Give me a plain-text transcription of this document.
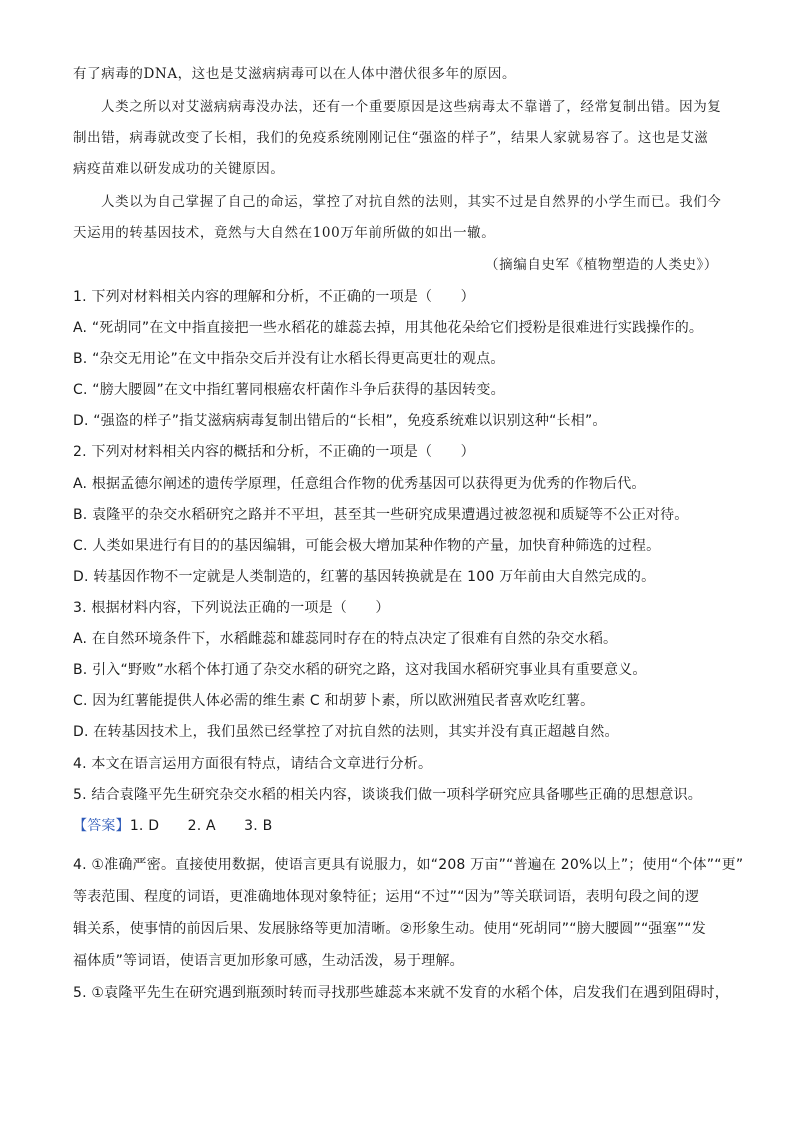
有了病毒的DNA，这也是艾滋病病毒可以在人体中潜伏很多年的原因。
人类之所以对艾滋病病毒没办法，还有一个重要原因是这些病毒太不靠谱了，经常复制出错。因为复
制出错，病毒就改变了长相，我们的免疫系统刚刚记住“强盗的样子”，结果人家就易容了。这也是艾滋
病疫苗难以研发成功的关键原因。
人类以为自己掌握了自己的命运，掌控了对抗自然的法则，其实不过是自然界的小学生而已。我们今
天运用的转基因技术，竟然与大自然在100万年前所做的如出一辙。
（摘编自史军《植物塑造的人类史》）
1. 下列对材料相关内容的理解和分析，不正确的一项是（　　）
A. “死胡同”在文中指直接把一些水稻花的雄蕊去掉，用其他花朵给它们授粉是很难进行实践操作的。
B. “杂交无用论”在文中指杂交后并没有让水稻长得更高更壮的观点。
C. “膀大腰圆”在文中指红薯同根癌农杆菌作斗争后获得的基因转变。
D. “强盗的样子”指艾滋病病毒复制出错后的“长相”，免疫系统难以识别这种“长相”。
2. 下列对材料相关内容的概括和分析，不正确的一项是（　　）
A. 根据孟德尔阐述的遗传学原理，任意组合作物的优秀基因可以获得更为优秀的作物后代。
B. 袁隆平的杂交水稻研究之路并不平坦，甚至其一些研究成果遭遇过被忽视和质疑等不公正对待。
C. 人类如果进行有目的的基因编辑，可能会极大增加某种作物的产量，加快育种筛选的过程。
D. 转基因作物不一定就是人类制造的，红薯的基因转换就是在 100 万年前由大自然完成的。
3. 根据材料内容，下列说法正确的一项是（　　）
A. 在自然环境条件下，水稻雌蕊和雄蕊同时存在的特点决定了很难有自然的杂交水稻。
B. 引入“野败”水稻个体打通了杂交水稻的研究之路，这对我国水稻研究事业具有重要意义。
C. 因为红薯能提供人体必需的维生素 C 和胡萝卜素，所以欧洲殖民者喜欢吃红薯。
D. 在转基因技术上，我们虽然已经掌控了对抗自然的法则，其实并没有真正超越自然。
4. 本文在语言运用方面很有特点，请结合文章进行分析。
5. 结合袁隆平先生研究杂交水稻的相关内容，谈谈我们做一项科学研究应具备哪些正确的思想意识。
【答案】1. D　　2. A　　3. B
4. ①准确严密。直接使用数据，使语言更具有说服力，如“208 万亩”“普遍在 20%以上”；使用“个体”“更”
等表范围、程度的词语，更准确地体现对象特征；运用“不过”“因为”等关联词语，表明句段之间的逻
辑关系，使事情的前因后果、发展脉络等更加清晰。②形象生动。使用“死胡同”“膀大腰圆”“强塞”“发
福体质”等词语，使语言更加形象可感，生动活泼，易于理解。
5. ①袁隆平先生在研究遇到瓶颈时转而寻找那些雄蕊本来就不发育的水稻个体，启发我们在遇到阻碍时，
